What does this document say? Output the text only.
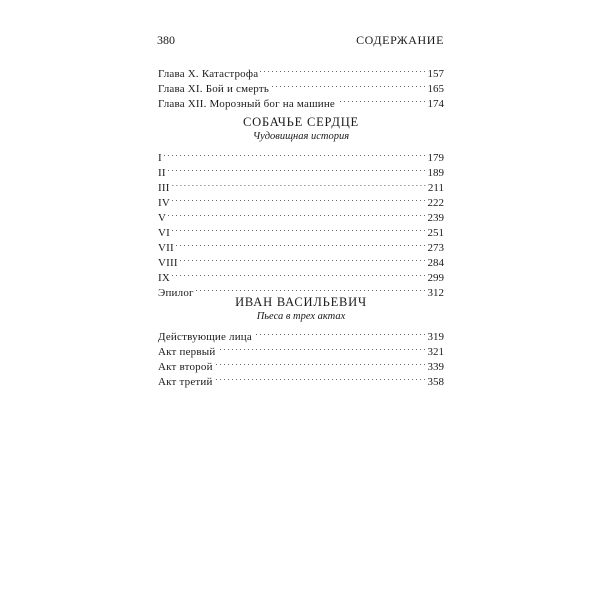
380	СОДЕРЖАНИЕ
Глава X. Катастрофа . . .	157
Глава XI. Бой и смерть . . .	165
Глава XII. Морозный бог на машине . . .	174
СОБАЧЬЕ СЕРДЦЕ
Чудовищная история
I . . .	179
II . . .	189
III . . .	211
IV . . .	222
V . . .	239
VI . . .	251
VII . . .	273
VIII . . .	284
IX . . .	299
Эпилог . . .	312
ИВАН ВАСИЛЬЕВИЧ
Пьеса в трех актах
Действующие лица . . .	319
Акт первый . . .	321
Акт второй . . .	339
Акт третий . . .	358
